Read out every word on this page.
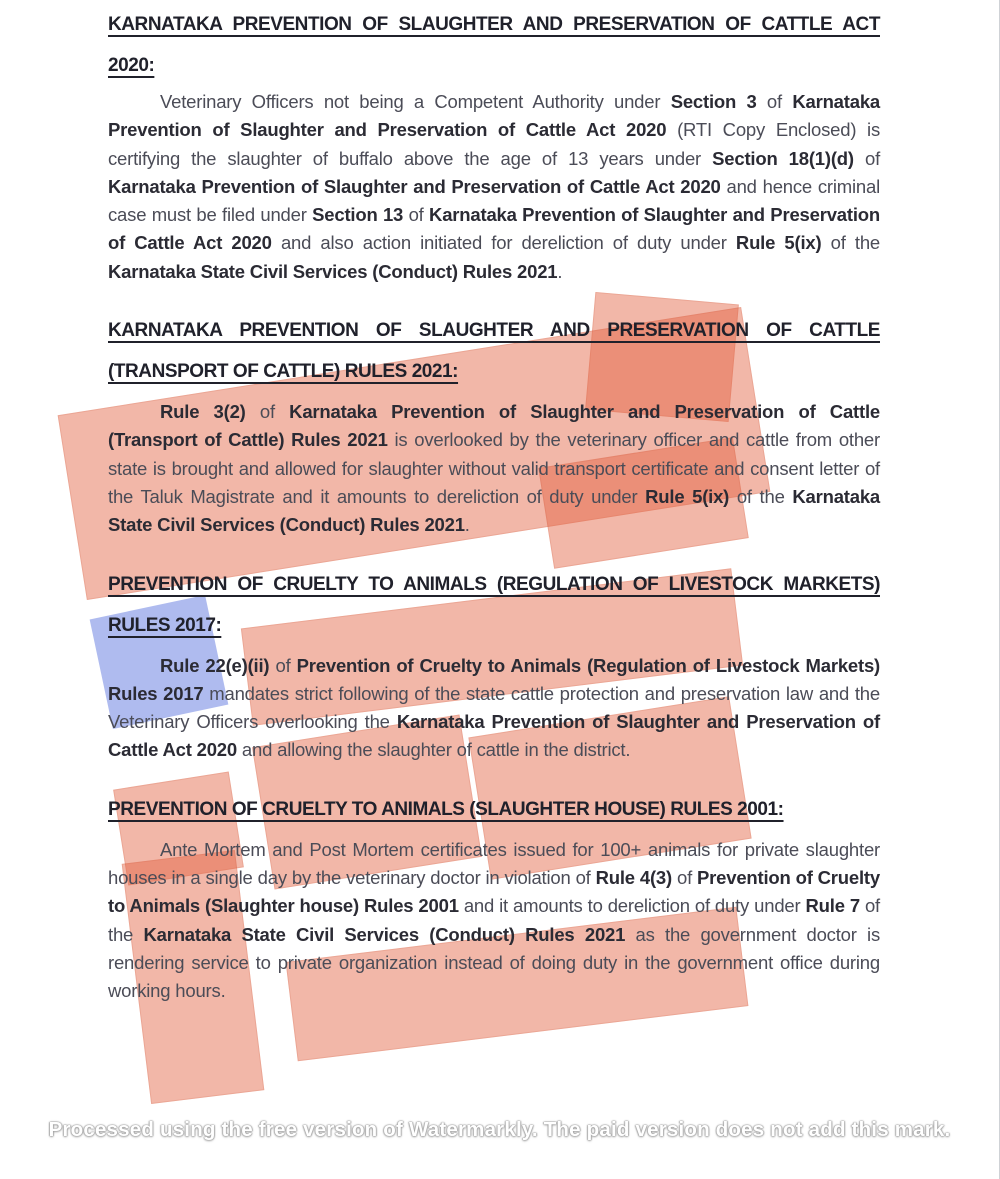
KARNATAKA PREVENTION OF SLAUGHTER AND PRESERVATION OF CATTLE ACT 2020:

Veterinary Officers not being a Competent Authority under Section 3 of Karnataka Prevention of Slaughter and Preservation of Cattle Act 2020 (RTI Copy Enclosed) is certifying the slaughter of buffalo above the age of 13 years under Section 18(1)(d) of Karnataka Prevention of Slaughter and Preservation of Cattle Act 2020 and hence criminal case must be filed under Section 13 of Karnataka Prevention of Slaughter and Preservation of Cattle Act 2020 and also action initiated for dereliction of duty under Rule 5(ix) of the Karnataka State Civil Services (Conduct) Rules 2021.

KARNATAKA PREVENTION OF SLAUGHTER AND PRESERVATION OF CATTLE (TRANSPORT OF CATTLE) RULES 2021:

Rule 3(2) of Karnataka Prevention of Slaughter and Preservation of Cattle (Transport of Cattle) Rules 2021 is overlooked by the veterinary officer and cattle from other state is brought and allowed for slaughter without valid transport certificate and consent letter of the Taluk Magistrate and it amounts to dereliction of duty under Rule 5(ix) of the Karnataka State Civil Services (Conduct) Rules 2021.

PREVENTION OF CRUELTY TO ANIMALS (REGULATION OF LIVESTOCK MARKETS) RULES 2017:

Rule 22(e)(ii) of Prevention of Cruelty to Animals (Regulation of Livestock Markets) Rules 2017 mandates strict following of the state cattle protection and preservation law and the Veterinary Officers overlooking the Karnataka Prevention of Slaughter and Preservation of Cattle Act 2020 and allowing the slaughter of cattle in the district.

PREVENTION OF CRUELTY TO ANIMALS (SLAUGHTER HOUSE) RULES 2001:

Ante Mortem and Post Mortem certificates issued for 100+ animals for private slaughter houses in a single day by the veterinary doctor in violation of Rule 4(3) of Prevention of Cruelty to Animals (Slaughter house) Rules 2001 and it amounts to dereliction of duty under Rule 7 of the Karnataka State Civil Services (Conduct) Rules 2021 as the government doctor is rendering service to private organization instead of doing duty in the government office during working hours.

Processed using the free version of Watermarkly. The paid version does not add this mark.
